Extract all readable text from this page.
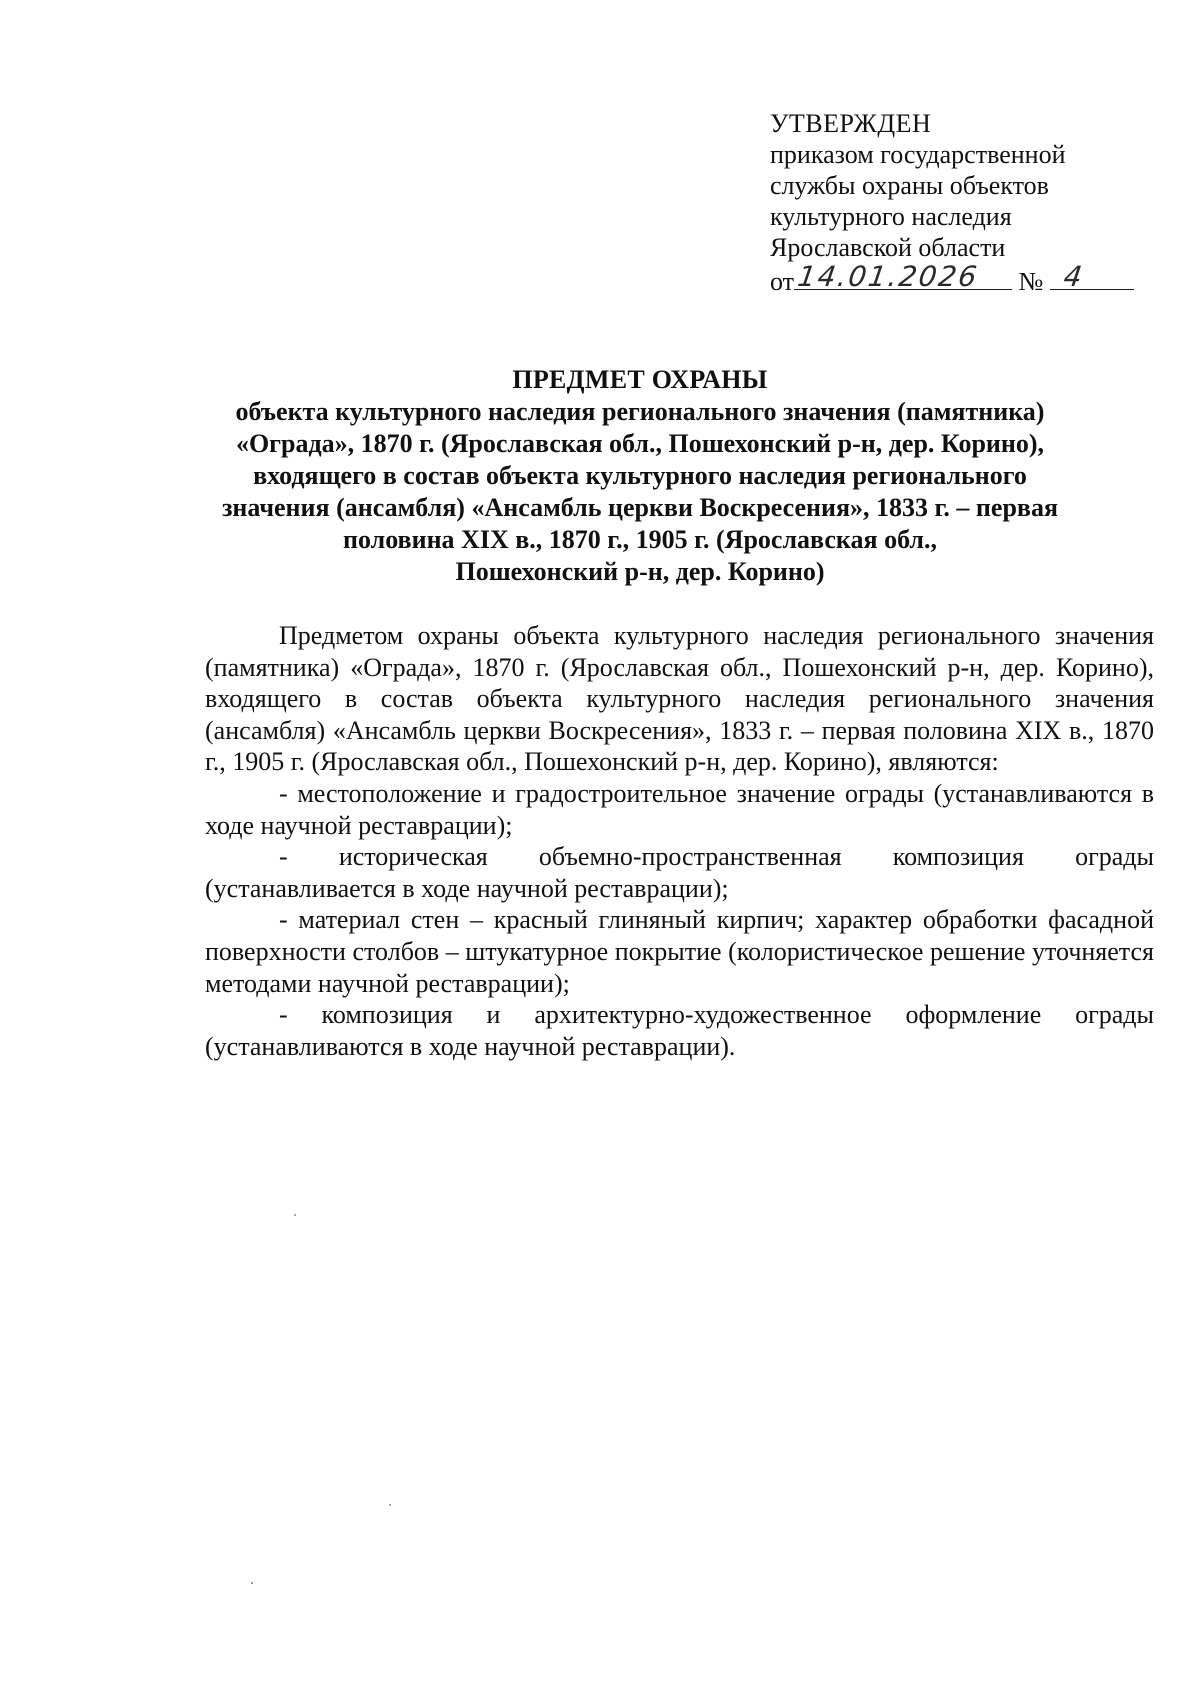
УТВЕРЖДЕН
приказом государственной
службы охраны объектов
культурного наследия
Ярославской области
от 14.01.2026 № 4
ПРЕДМЕТ ОХРАНЫ
объекта культурного наследия регионального значения (памятника)
«Ограда», 1870 г. (Ярославская обл., Пошехонский р-н, дер. Корино),
входящего в состав объекта культурного наследия регионального
значения (ансамбля) «Ансамбль церкви Воскресения», 1833 г. – первая
половина XIX в., 1870 г., 1905 г. (Ярославская обл.,
Пошехонский р-н, дер. Корино)

Предметом охраны объекта культурного наследия регионального значения (памятника) «Ограда», 1870 г. (Ярославская обл., Пошехонский р-н, дер. Корино), входящего в состав объекта культурного наследия регионального значения (ансамбля) «Ансамбль церкви Воскресения», 1833 г. – первая половина XIX в., 1870 г., 1905 г. (Ярославская обл., Пошехонский р-н, дер. Корино), являются:

- местоположение и градостроительное значение ограды (устанавливаются в ходе научной реставрации);

- историческая объемно-пространственная композиция ограды (устанавливается в ходе научной реставрации);

- материал стен – красный глиняный кирпич; характер обработки фасадной поверхности столбов – штукатурное покрытие (колористическое решение уточняется методами научной реставрации);

- композиция и архитектурно-художественное оформление ограды (устанавливаются в ходе научной реставрации).
